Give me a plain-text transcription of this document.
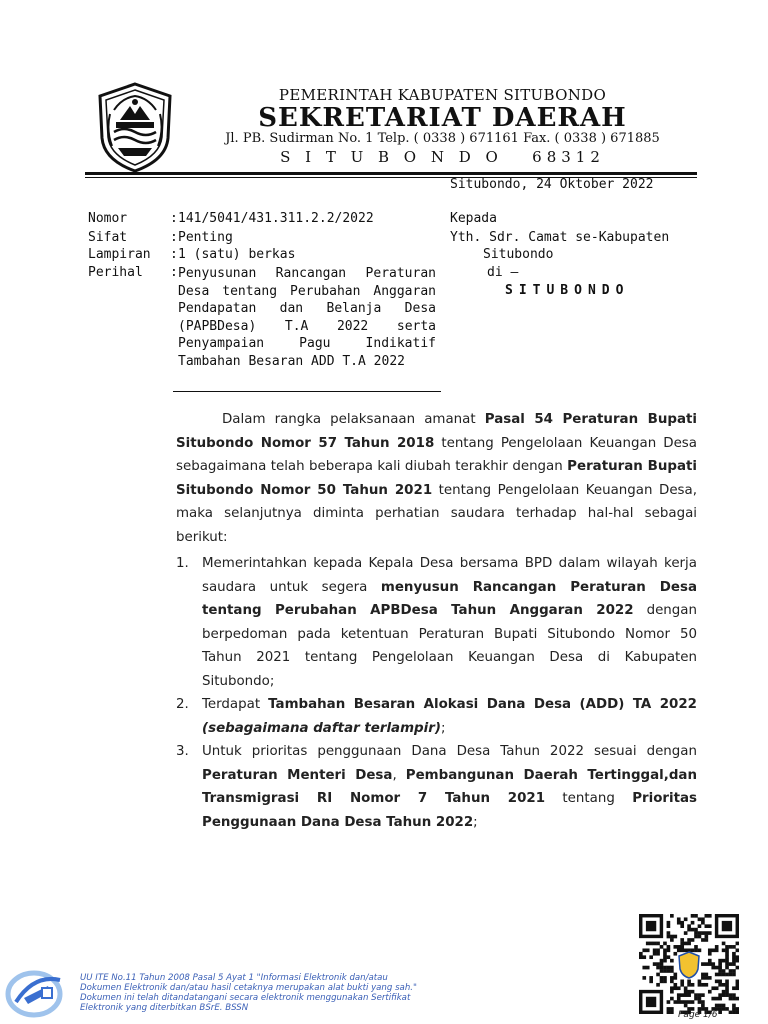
PEMERINTAH KABUPATEN SITUBONDO
SEKRETARIAT DAERAH
Jl. PB. Sudirman No. 1 Telp. ( 0338 ) 671161 Fax. ( 0338 ) 671885
S I T U B O N D O   68312
Situbondo, 24 Oktober 2022
Nomor	: 141/5041/431.311.2.2/2022
Sifat	: Penting
Lampiran : 1 (satu) berkas
Perihal : Penyusunan Rancangan Peraturan Desa tentang Perubahan Anggaran Pendapatan dan Belanja Desa (PAPBDesa) T.A 2022 serta Penyampaian Pagu Indikatif Tambahan Besaran ADD T.A 2022
Kepada
Yth. Sdr. Camat se-Kabupaten
Situbondo
di –
SITUBONDO
Dalam rangka pelaksanaan amanat Pasal 54 Peraturan Bupati Situbondo Nomor 57 Tahun 2018 tentang Pengelolaan Keuangan Desa sebagaimana telah beberapa kali diubah terakhir dengan Peraturan Bupati Situbondo Nomor 50 Tahun 2021 tentang Pengelolaan Keuangan Desa, maka selanjutnya diminta perhatian saudara terhadap hal-hal sebagai berikut:
1. Memerintahkan kepada Kepala Desa bersama BPD dalam wilayah kerja saudara untuk segera menyusun Rancangan Peraturan Desa tentang Perubahan APBDesa Tahun Anggaran 2022 dengan berpedoman pada ketentuan Peraturan Bupati Situbondo Nomor 50 Tahun 2021 tentang Pengelolaan Keuangan Desa di Kabupaten Situbondo;
2. Terdapat Tambahan Besaran Alokasi Dana Desa (ADD) TA 2022 (sebagaimana daftar terlampir);
3. Untuk prioritas penggunaan Dana Desa Tahun 2022 sesuai dengan Peraturan Menteri Desa, Pembangunan Daerah Tertinggal,dan Transmigrasi RI Nomor 7 Tahun 2021 tentang Prioritas Penggunaan Dana Desa Tahun 2022;
UU ITE No.11 Tahun 2008 Pasal 5 Ayat 1 "Informasi Elektronik dan/atau
Dokumen Elektronik dan/atau hasil cetaknya merupakan alat bukti yang sah."
Dokumen ini telah ditandatangani secara elektronik menggunakan Sertifikat
Elektronik yang diterbitkan BSrE. BSSN
Page 1/6
